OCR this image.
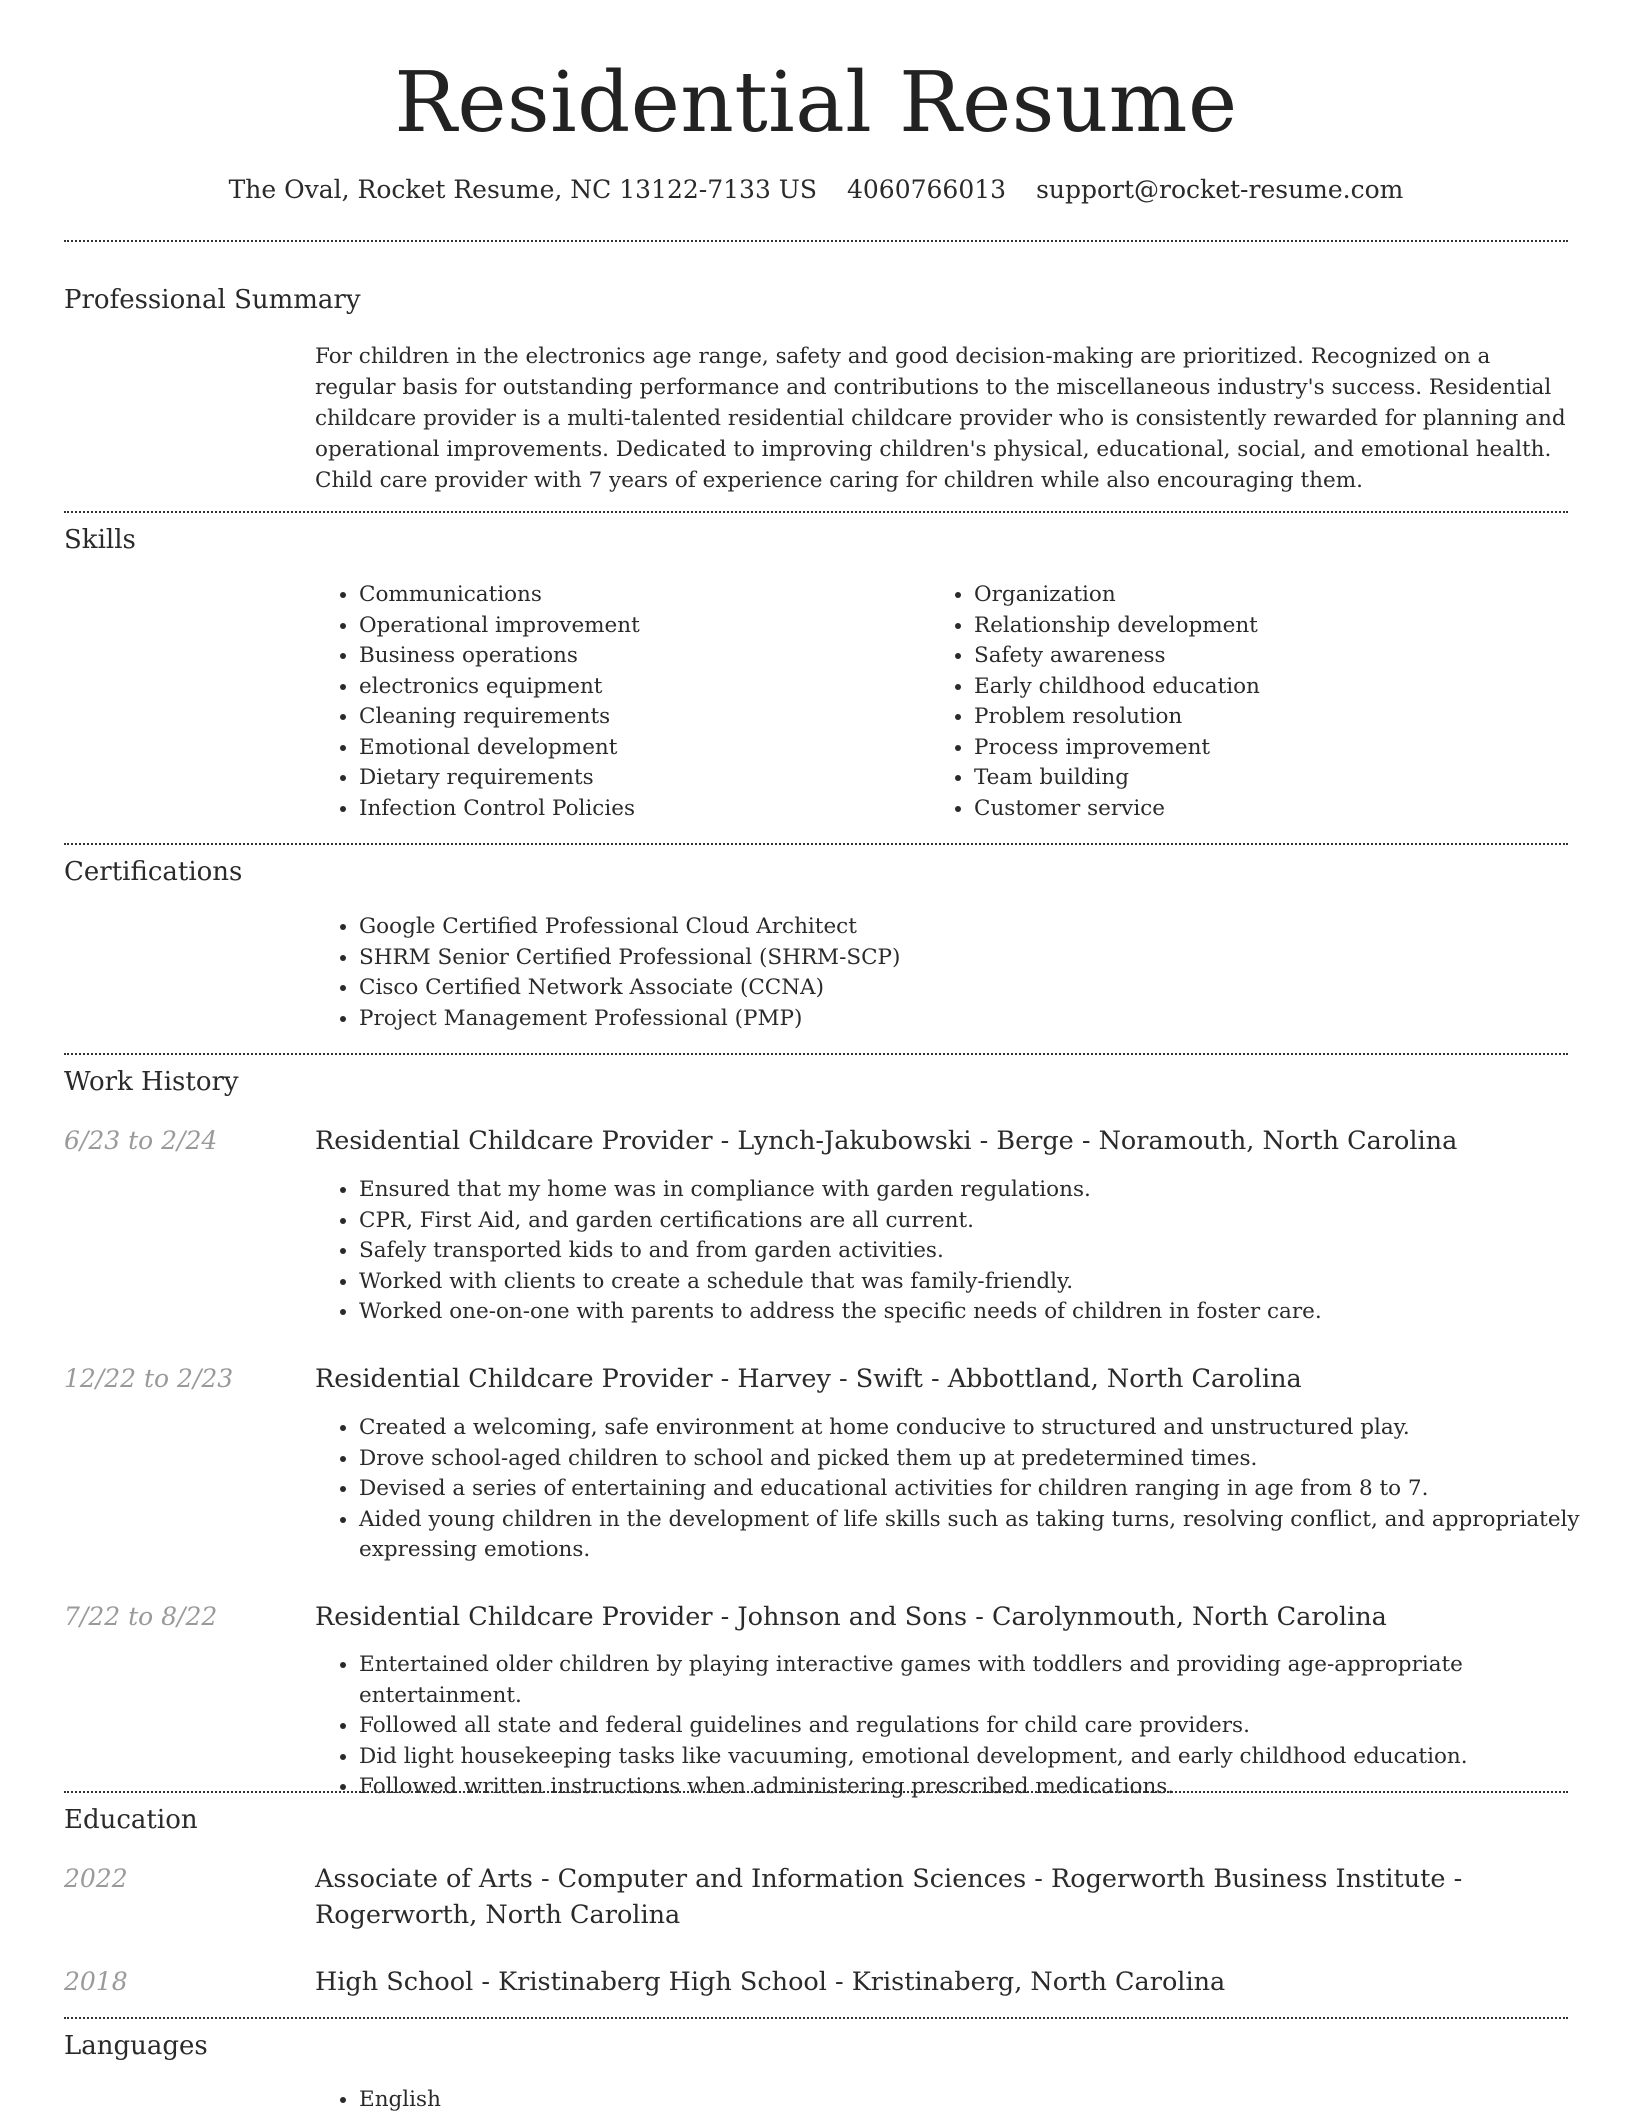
Residential Resume
The Oval, Rocket Resume, NC 13122-7133 US 4060766013 support@rocket-resume.com
Professional Summary
For children in the electronics age range, safety and good decision-making are prioritized. Recognized on a regular basis for outstanding performance and contributions to the miscellaneous industry's success. Residential childcare provider is a multi-talented residential childcare provider who is consistently rewarded for planning and operational improvements. Dedicated to improving children's physical, educational, social, and emotional health. Child care provider with 7 years of experience caring for children while also encouraging them.
Skills
• Communications
• Operational improvement
• Business operations
• electronics equipment
• Cleaning requirements
• Emotional development
• Dietary requirements
• Infection Control Policies
• Organization
• Relationship development
• Safety awareness
• Early childhood education
• Problem resolution
• Process improvement
• Team building
• Customer service
Certifications
• Google Certified Professional Cloud Architect
• SHRM Senior Certified Professional (SHRM-SCP)
• Cisco Certified Network Associate (CCNA)
• Project Management Professional (PMP)
Work History
6/23 to 2/24	Residential Childcare Provider - Lynch-Jakubowski - Berge - Noramouth, North Carolina
• Ensured that my home was in compliance with garden regulations.
• CPR, First Aid, and garden certifications are all current.
• Safely transported kids to and from garden activities.
• Worked with clients to create a schedule that was family-friendly.
• Worked one-on-one with parents to address the specific needs of children in foster care.
12/22 to 2/23	Residential Childcare Provider - Harvey - Swift - Abbottland, North Carolina
• Created a welcoming, safe environment at home conducive to structured and unstructured play.
• Drove school-aged children to school and picked them up at predetermined times.
• Devised a series of entertaining and educational activities for children ranging in age from 8 to 7.
• Aided young children in the development of life skills such as taking turns, resolving conflict, and appropriately expressing emotions.
7/22 to 8/22	Residential Childcare Provider - Johnson and Sons - Carolynmouth, North Carolina
• Entertained older children by playing interactive games with toddlers and providing age-appropriate entertainment.
• Followed all state and federal guidelines and regulations for child care providers.
• Did light housekeeping tasks like vacuuming, emotional development, and early childhood education.
• Followed written instructions when administering prescribed medications.
Education
2022	Associate of Arts - Computer and Information Sciences - Rogerworth Business Institute - Rogerworth, North Carolina
2018	High School - Kristinaberg High School - Kristinaberg, North Carolina
Languages
• English
